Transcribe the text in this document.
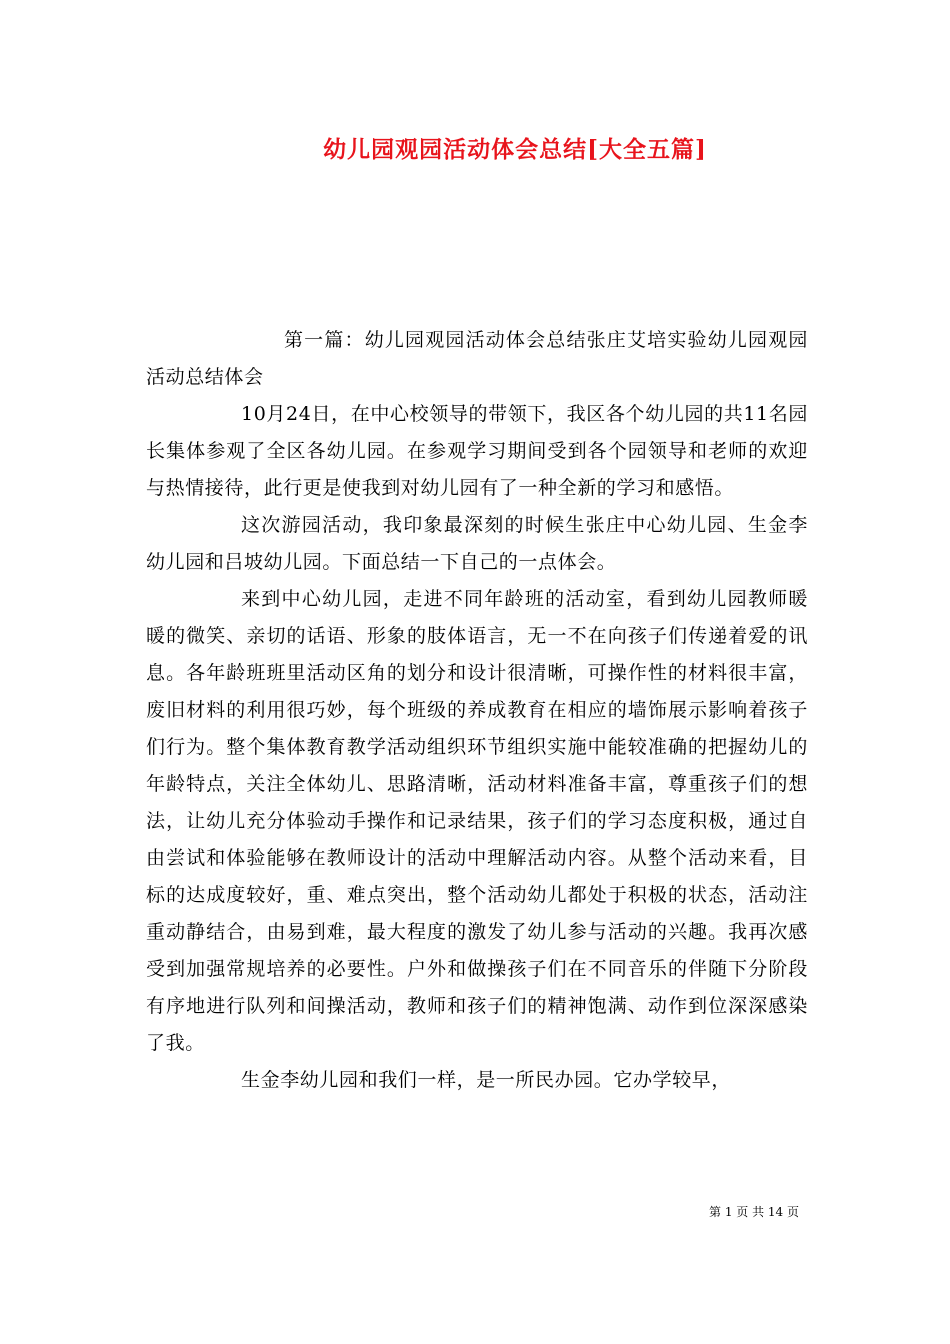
幼儿园观园活动体会总结[大全五篇]

第一篇：幼儿园观园活动体会总结张庄艾培实验幼儿园观园活动总结体会

10月24日，在中心校领导的带领下，我区各个幼儿园的共11名园长集体参观了全区各幼儿园。在参观学习期间受到各个园领导和老师的欢迎与热情接待，此行更是使我到对幼儿园有了一种全新的学习和感悟。

这次游园活动，我印象最深刻的时候生张庄中心幼儿园、生金李幼儿园和吕坡幼儿园。下面总结一下自己的一点体会。

来到中心幼儿园，走进不同年龄班的活动室，看到幼儿园教师暖暖的微笑、亲切的话语、形象的肢体语言，无一不在向孩子们传递着爱的讯息。各年龄班班里活动区角的划分和设计很清晰，可操作性的材料很丰富，废旧材料的利用很巧妙，每个班级的养成教育在相应的墙饰展示影响着孩子们行为。整个集体教育教学活动组织环节组织实施中能较准确的把握幼儿的年龄特点，关注全体幼儿、思路清晰，活动材料准备丰富，尊重孩子们的想法，让幼儿充分体验动手操作和记录结果，孩子们的学习态度积极，通过自由尝试和体验能够在教师设计的活动中理解活动内容。从整个活动来看，目标的达成度较好，重、难点突出，整个活动幼儿都处于积极的状态，活动注重动静结合，由易到难，最大程度的激发了幼儿参与活动的兴趣。我再次感受到加强常规培养的必要性。户外和做操孩子们在不同音乐的伴随下分阶段有序地进行队列和间操活动，教师和孩子们的精神饱满、动作到位深深感染了我。

生金李幼儿园和我们一样，是一所民办园。它办学较早，

第 1 页 共 14 页
